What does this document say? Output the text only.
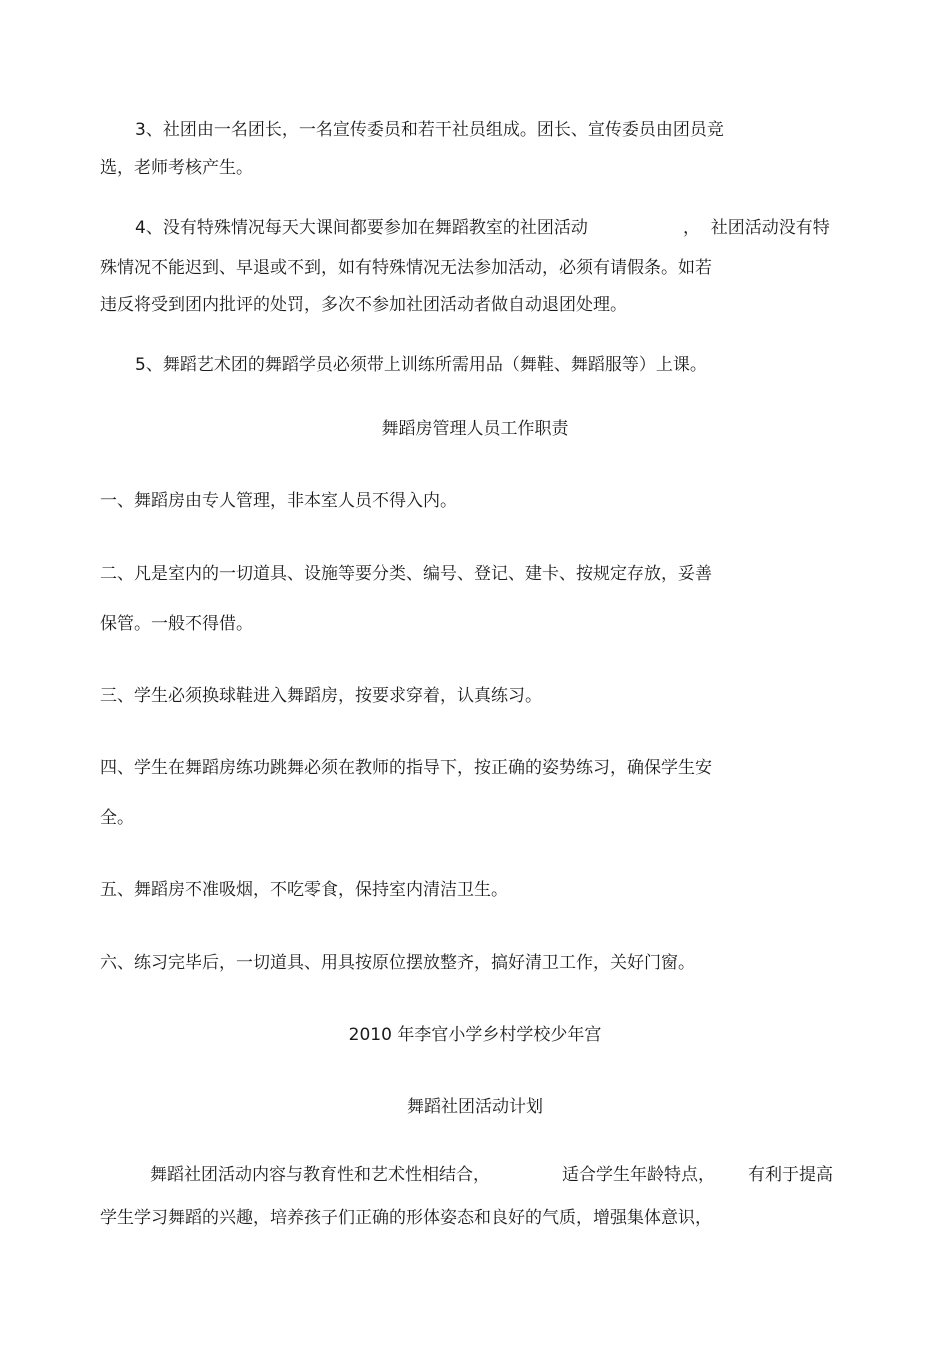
3、社团由一名团长，一名宣传委员和若干社员组成。团长、宣传委员由团员竞
选，老师考核产生。
4、没有特殊情况每天大课间都要参加在舞蹈教室的社团活动	，  社团活动没有特
殊情况不能迟到、早退或不到，如有特殊情况无法参加活动，必须有请假条。如若
违反将受到团内批评的处罚，多次不参加社团活动者做自动退团处理。
5、舞蹈艺术团的舞蹈学员必须带上训练所需用品（舞鞋、舞蹈服等）上课。
舞蹈房管理人员工作职责
一、舞蹈房由专人管理，非本室人员不得入内。
二、凡是室内的一切道具、设施等要分类、编号、登记、建卡、按规定存放，妥善
保管。一般不得借。
三、学生必须换球鞋进入舞蹈房，按要求穿着，认真练习。
四、学生在舞蹈房练功跳舞必须在教师的指导下，按正确的姿势练习，确保学生安
全。
五、舞蹈房不准吸烟，不吃零食，保持室内清洁卫生。
六、练习完毕后，一切道具、用具按原位摆放整齐，搞好清卫工作，关好门窗。
2010 年李官小学乡村学校少年宫
舞蹈社团活动计划
舞蹈社团活动内容与教育性和艺术性相结合，	适合学生年龄特点， 有利于提高
学生学习舞蹈的兴趣，培养孩子们正确的形体姿态和良好的气质，增强集体意识，
